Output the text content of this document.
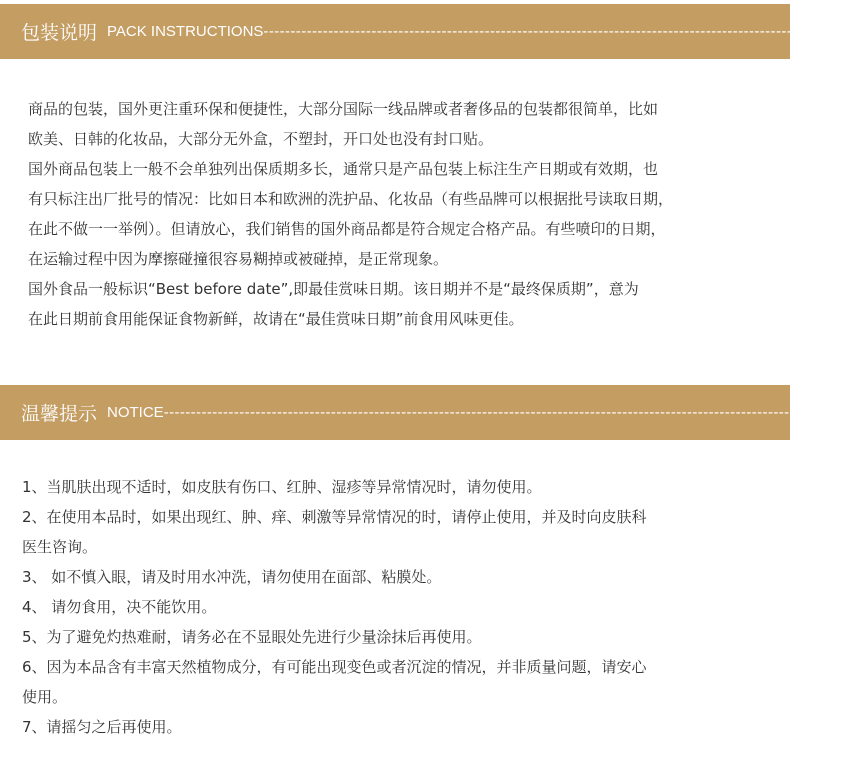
包装说明 PACK INSTRUCTIONS --------------------------------------------------------------------------------------------------------------

商品的包装，国外更注重环保和便捷性，大部分国际一线品牌或者奢侈品的包装都很简单，比如

欧美、日韩的化妆品，大部分无外盒，不塑封，开口处也没有封口贴。

国外商品包装上一般不会单独列出保质期多长，通常只是产品包装上标注生产日期或有效期，也

有只标注出厂批号的情况：比如日本和欧洲的洗护品、化妆品（有些品牌可以根据批号读取日期，

在此不做一一举例）。但请放心，我们销售的国外商品都是符合规定合格产品。有些喷印的日期，

在运输过程中因为摩擦碰撞很容易糊掉或被碰掉，是正常现象。

国外食品一般标识“Best before date”,即最佳赏味日期。该日期并不是“最终保质期”，意为

在此日期前食用能保证食物新鲜，故请在“最佳赏味日期”前食用风味更佳。

温馨提示 NOTICE --------------------------------------------------------------------------------------------------------------------------------

1、当肌肤出现不适时，如皮肤有伤口、红肿、湿疹等异常情况时，请勿使用。

2、在使用本品时，如果出现红、肿、痒、刺激等异常情况的时，请停止使用，并及时向皮肤科

医生咨询。

3、 如不慎入眼，请及时用水冲洗，请勿使用在面部、粘膜处。

4、 请勿食用，决不能饮用。

5、为了避免灼热难耐，请务必在不显眼处先进行少量涂抹后再使用。

6、因为本品含有丰富天然植物成分，有可能出现变色或者沉淀的情况，并非质量问题，请安心

使用。

7、请摇匀之后再使用。
